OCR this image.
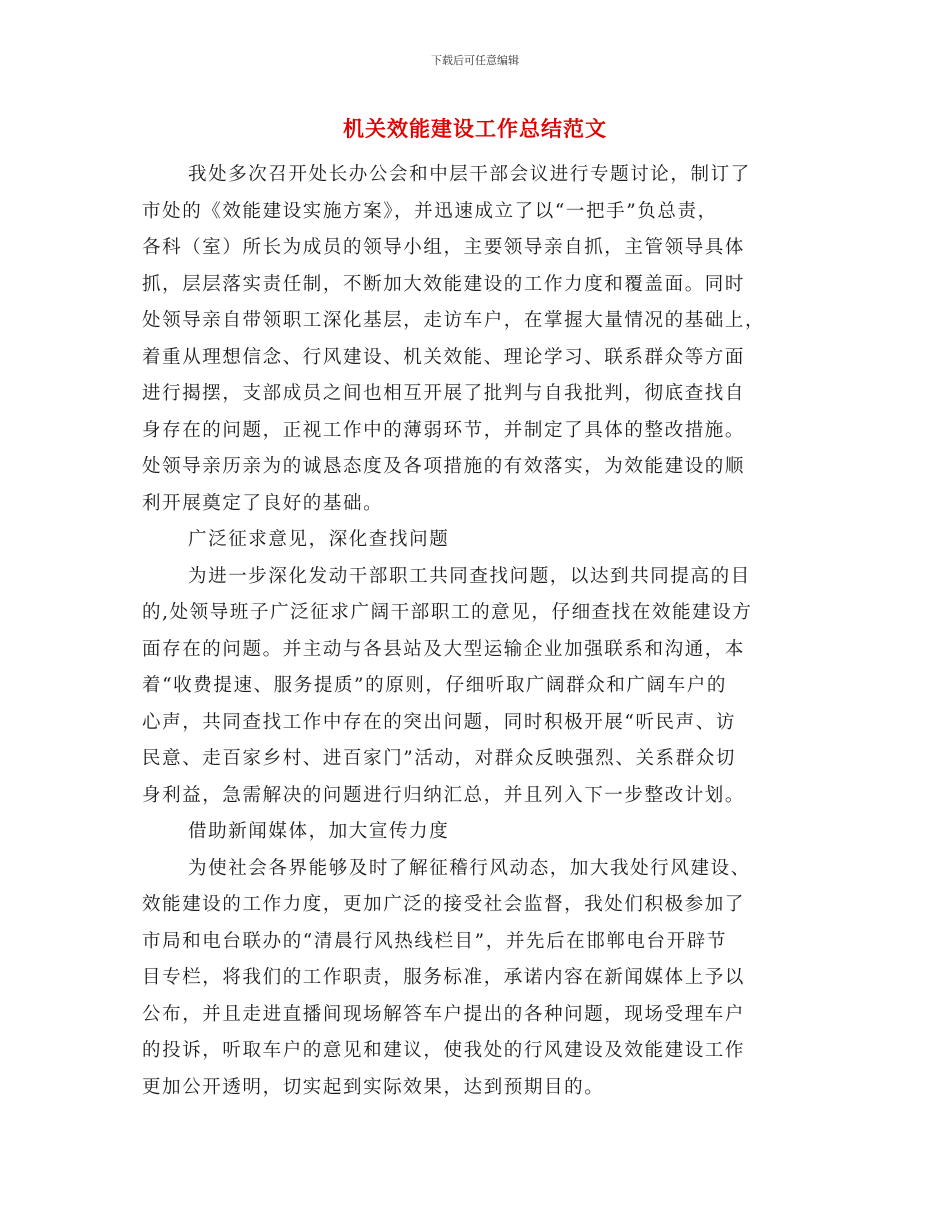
下载后可任意编辑
机关效能建设工作总结范文
我处多次召开处长办公会和中层干部会议进行专题讨论，制订了
市处的《效能建设实施方案》，并迅速成立了以“一把手”负总责，
各科（室）所长为成员的领导小组，主要领导亲自抓，主管领导具体
抓，层层落实责任制，不断加大效能建设的工作力度和覆盖面。同时
处领导亲自带领职工深化基层，走访车户，在掌握大量情况的基础上，
着重从理想信念、行风建设、机关效能、理论学习、联系群众等方面
进行揭摆，支部成员之间也相互开展了批判与自我批判，彻底查找自
身存在的问题，正视工作中的薄弱环节，并制定了具体的整改措施。
处领导亲历亲为的诚恳态度及各项措施的有效落实，为效能建设的顺
利开展奠定了良好的基础。
广泛征求意见，深化查找问题
为进一步深化发动干部职工共同查找问题，以达到共同提高的目
的,处领导班子广泛征求广阔干部职工的意见，仔细查找在效能建设方
面存在的问题。并主动与各县站及大型运输企业加强联系和沟通，本
着“收费提速、服务提质”的原则，仔细听取广阔群众和广阔车户的
心声，共同查找工作中存在的突出问题，同时积极开展“听民声、访
民意、走百家乡村、进百家门”活动，对群众反映强烈、关系群众切
身利益，急需解决的问题进行归纳汇总，并且列入下一步整改计划。
借助新闻媒体，加大宣传力度
为使社会各界能够及时了解征稽行风动态，加大我处行风建设、
效能建设的工作力度，更加广泛的接受社会监督，我处们积极参加了
市局和电台联办的“清晨行风热线栏目”，并先后在邯郸电台开辟节
目专栏，将我们的工作职责，服务标准，承诺内容在新闻媒体上予以
公布，并且走进直播间现场解答车户提出的各种问题，现场受理车户
的投诉，听取车户的意见和建议，使我处的行风建设及效能建设工作
更加公开透明，切实起到实际效果，达到预期目的。
